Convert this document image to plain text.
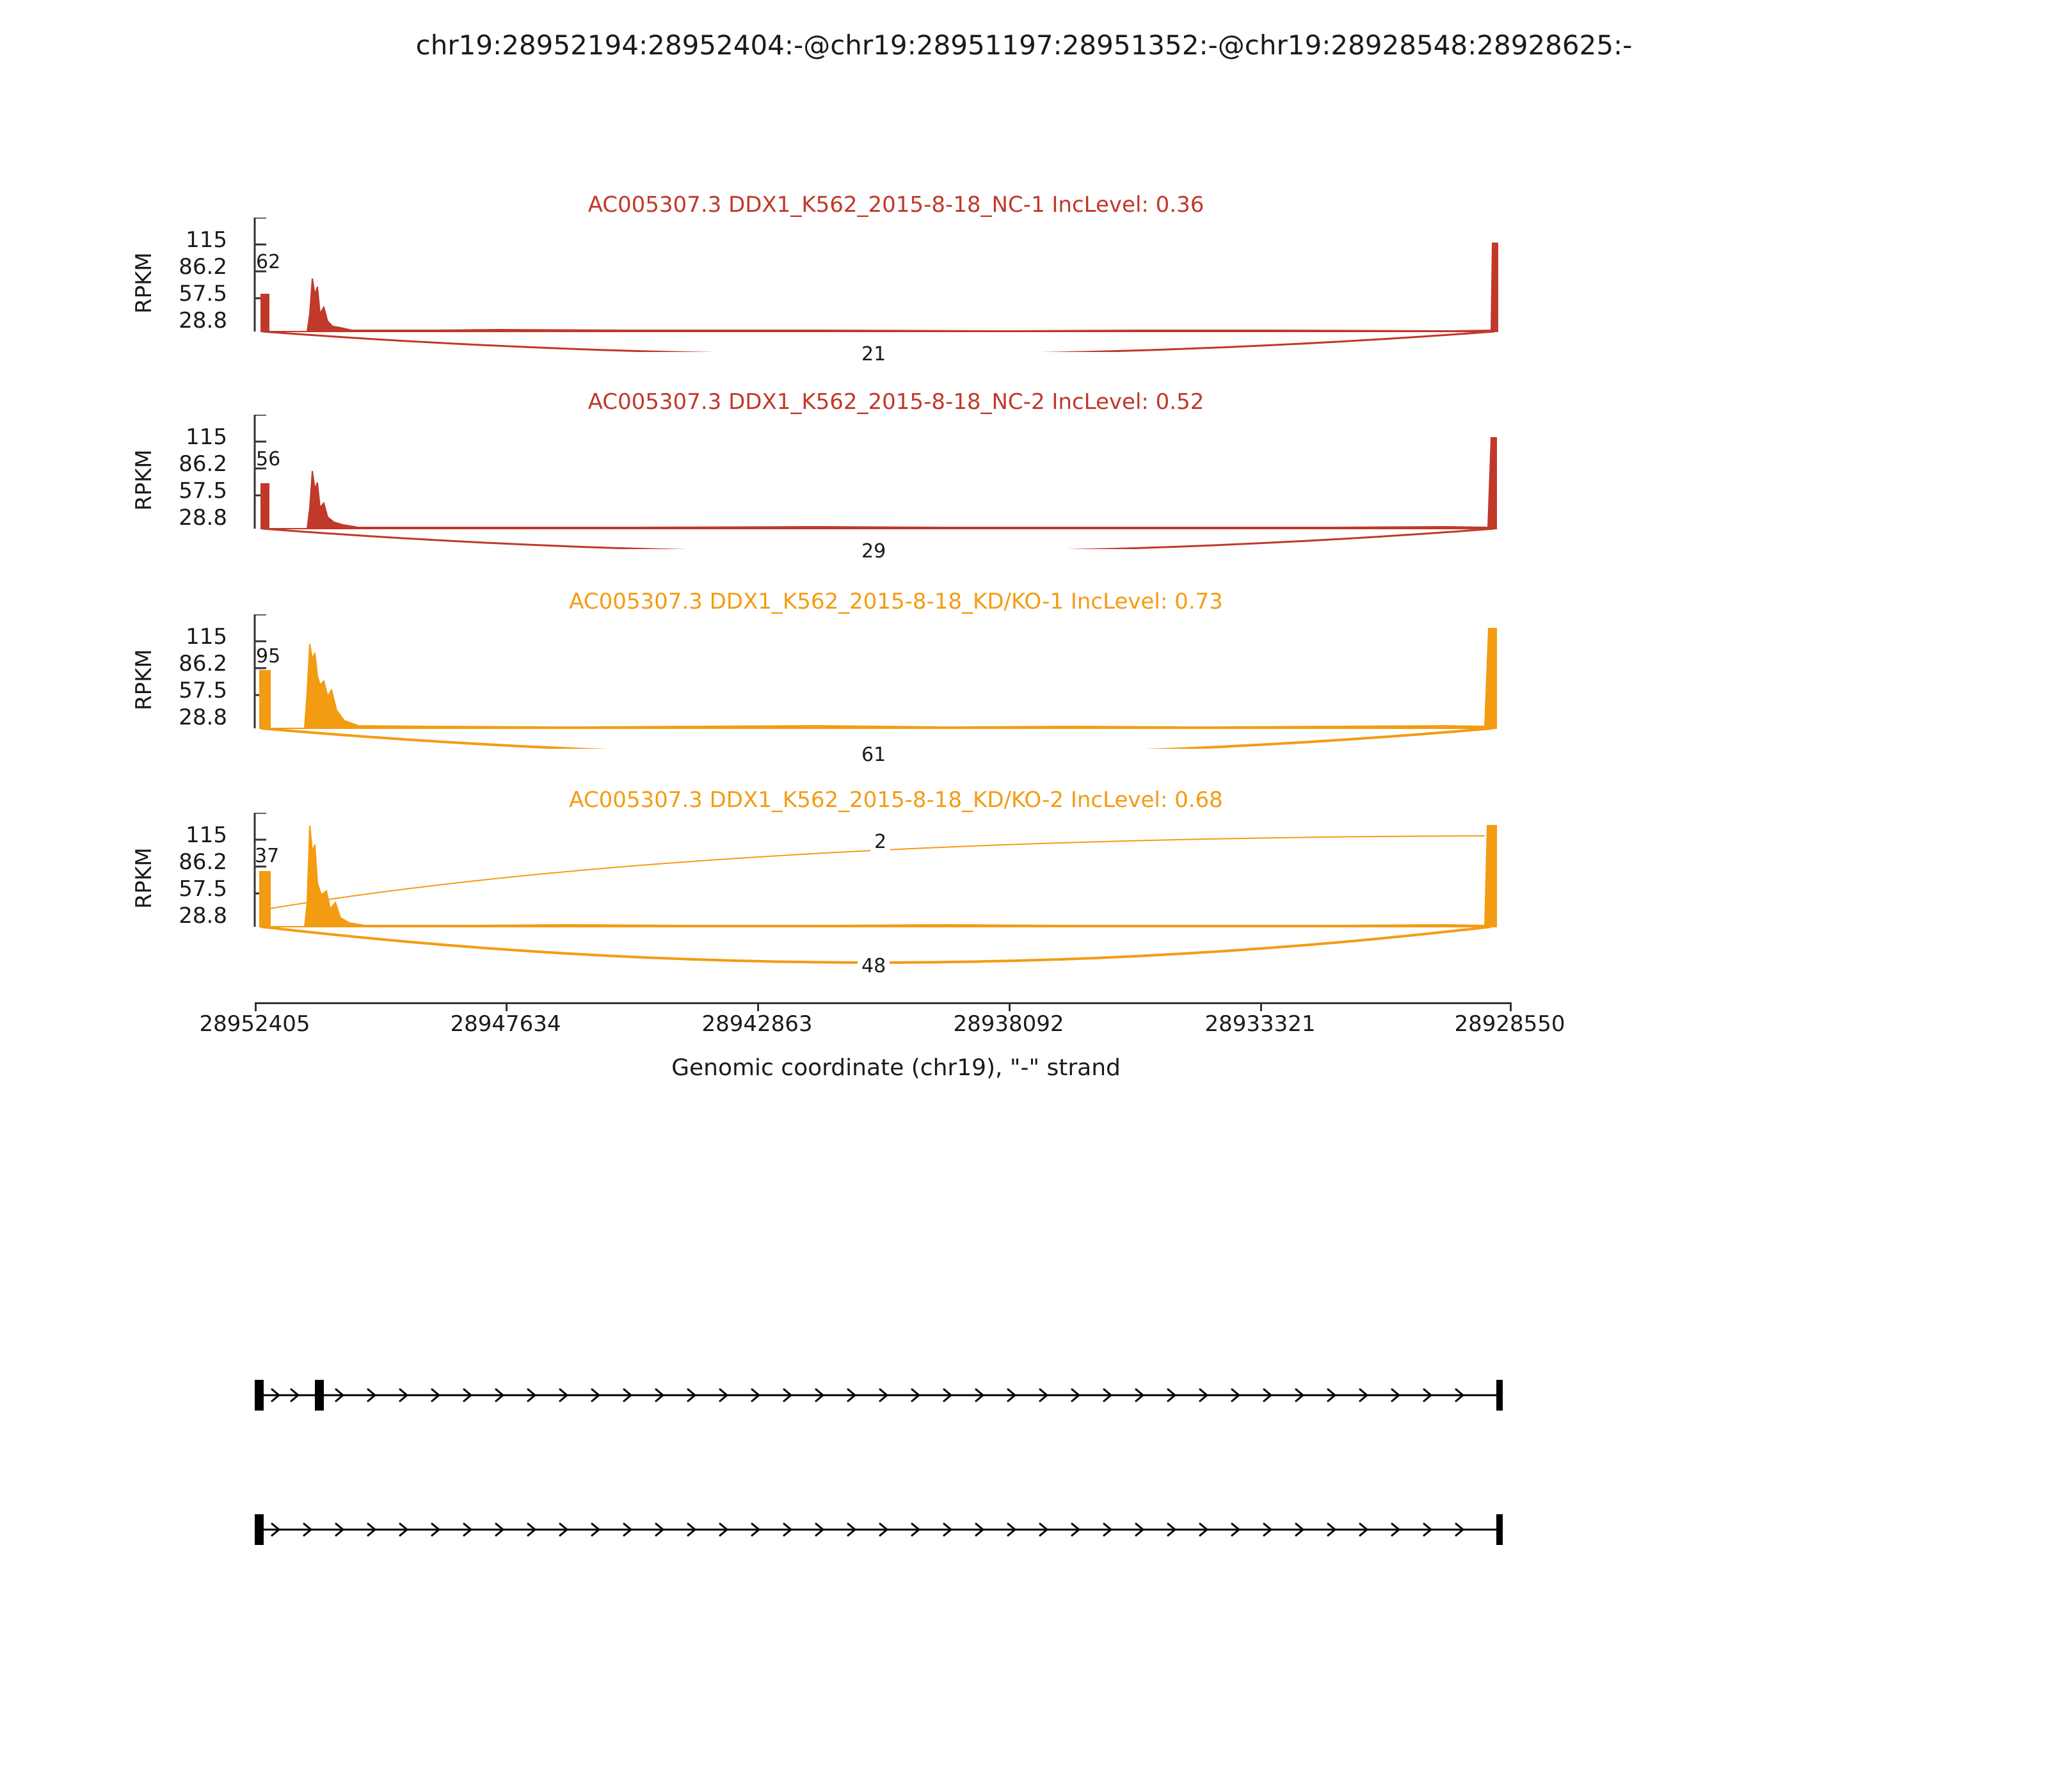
chr19:28952194:28952404:-@chr19:28951197:28951352:-@chr19:28928548:28928625:-
AC005307.3 DDX1_K562_2015-8-18_NC-1 IncLevel: 0.36
RPKM
115
86.2
57.5
28.8
62
21
AC005307.3 DDX1_K562_2015-8-18_NC-2 IncLevel: 0.52
RPKM
115
86.2
57.5
28.8
56
29
AC005307.3 DDX1_K562_2015-8-18_KD/KO-1 IncLevel: 0.73
RPKM
115
86.2
57.5
28.8
95
61
AC005307.3 DDX1_K562_2015-8-18_KD/KO-2 IncLevel: 0.68
RPKM
115
86.2
57.5
28.8
37
2
48
28952405	28947634	28942863	28938092	28933321	28928550
Genomic coordinate (chr19), "-" strand
